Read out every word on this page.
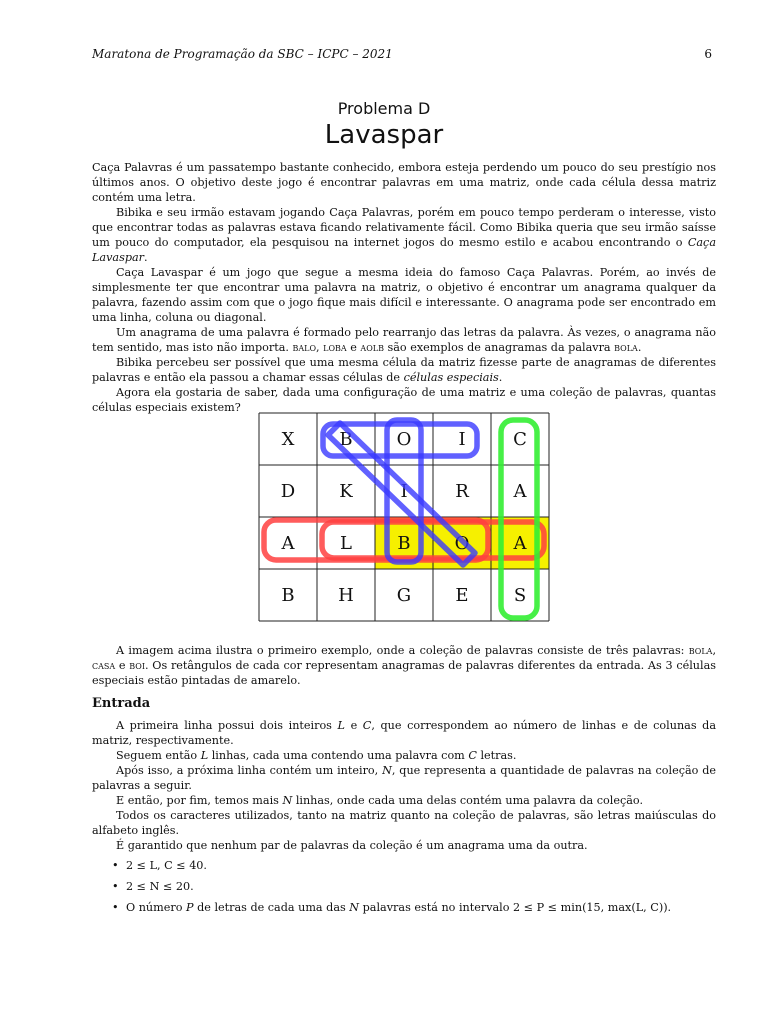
Maratona de Programação da SBC – ICPC – 2021	6
Problema D
Lavaspar

Caça Palavras é um passatempo bastante conhecido, embora esteja perdendo um pouco do seu prestígio nos últimos anos. O objetivo deste jogo é encontrar palavras em uma matriz, onde cada célula dessa matriz contém uma letra.

Bibika e seu irmão estavam jogando Caça Palavras, porém em pouco tempo perderam o interesse, visto que encontrar todas as palavras estava ficando relativamente fácil. Como Bibika queria que seu irmão saísse um pouco do computador, ela pesquisou na internet jogos do mesmo estilo e acabou encontrando o Caça Lavaspar.

Caça Lavaspar é um jogo que segue a mesma ideia do famoso Caça Palavras. Porém, ao invés de simplesmente ter que encontrar uma palavra na matriz, o objetivo é encontrar um anagrama qualquer da palavra, fazendo assim com que o jogo fique mais difícil e interessante. O anagrama pode ser encontrado em uma linha, coluna ou diagonal.

Um anagrama de uma palavra é formado pelo rearranjo das letras da palavra. Às vezes, o anagrama não tem sentido, mas isto não importa. balo, loba e aolb são exemplos de anagramas da palavra bola.

Bibika percebeu ser possível que uma mesma célula da matriz fizesse parte de anagramas de diferentes palavras e então ela passou a chamar essas células de células especiais.

Agora ela gostaria de saber, dada uma configuração de uma matriz e uma coleção de palavras, quantas células especiais existem?

X	B	O	I	C
D	K	I	R	A
A	L	B	O	A
B	H	G	E	S

A imagem acima ilustra o primeiro exemplo, onde a coleção de palavras consiste de três palavras: bola, casa e boi. Os retângulos de cada cor representam anagramas de palavras diferentes da entrada. As 3 células especiais estão pintadas de amarelo.

Entrada

A primeira linha possui dois inteiros L e C, que correspondem ao número de linhas e de colunas da matriz, respectivamente.

Seguem então L linhas, cada uma contendo uma palavra com C letras.

Após isso, a próxima linha contém um inteiro, N, que representa a quantidade de palavras na coleção de palavras a seguir.

E então, por fim, temos mais N linhas, onde cada uma delas contém uma palavra da coleção.

Todos os caracteres utilizados, tanto na matriz quanto na coleção de palavras, são letras maiúsculas do alfabeto inglês.

É garantido que nenhum par de palavras da coleção é um anagrama uma da outra.

• 2 ≤ L, C ≤ 40.
• 2 ≤ N ≤ 20.
• O número P de letras de cada uma das N palavras está no intervalo 2 ≤ P ≤ min(15, max(L, C)).
